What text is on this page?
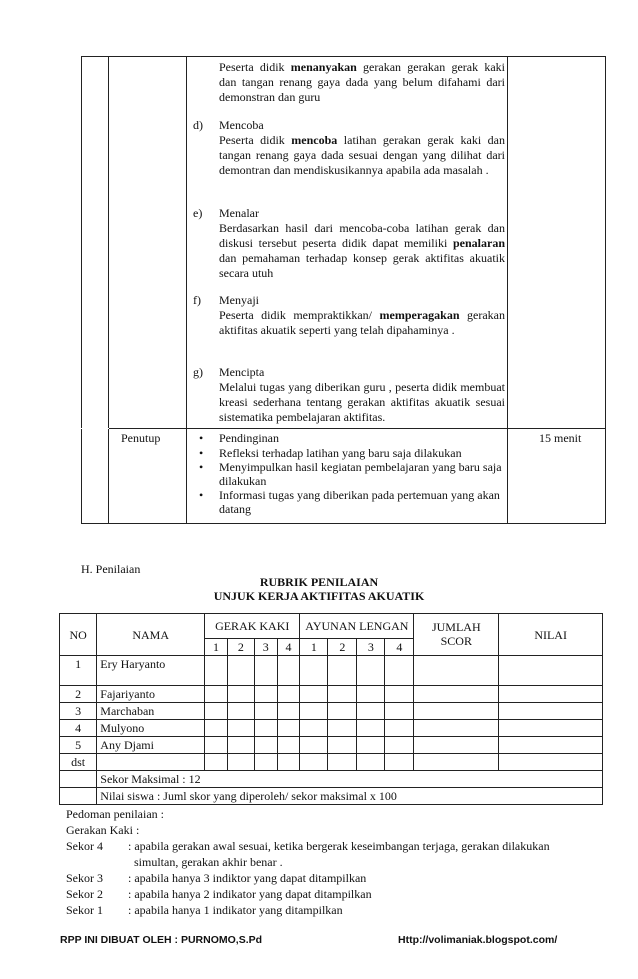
Peserta didik menanyakan gerakan gerakan gerak kaki dan tangan renang gaya dada yang belum difahami dari demonstran dan guru
d) Mencoba

Peserta didik mencoba latihan gerakan gerak kaki dan tangan renang gaya dada sesuai dengan yang dilihat dari demontran dan mendiskusikannya apabila ada masalah .

e) Menalar

Berdasarkan hasil dari mencoba-coba latihan gerak dan diskusi tersebut peserta didik dapat memiliki penalaran dan pemahaman terhadap konsep gerak aktifitas akuatik secara utuh

f) Menyaji

Peserta didik mempraktikkan/ memperagakan gerakan aktifitas akuatik seperti yang telah dipahaminya .

g) Mencipta

Melalui tugas yang diberikan guru , peserta didik membuat kreasi sederhana tentang gerakan aktifitas akuatik sesuai sistematika pembelajaran aktifitas.

Penutup	• Pendinginan
• Refleksi terhadap latihan yang baru saja dilakukan
• Menyimpulkan hasil kegiatan pembelajaran yang baru saja dilakukan
• Informasi tugas yang diberikan pada pertemuan yang akan datang
15 menit
H. Penilaian
RUBRIK PENILAIAN
UNJUK KERJA AKTIFITAS AKUATIK
NO	NAMA	GERAK KAKI				AYUNAN LENGAN				JUMLAH SCOR	NILAI
		1	2	3	4	1	2	3	4		
1	Ery Haryanto										
2	Fajariyanto										
3	Marchaban										
4	Mulyono										
5	Any Djami										
dst											
	Sekor Maksimal : 12										
	Nilai siswa : Juml skor yang diperoleh/ sekor maksimal x 100										
Pedoman penilaian :
Gerakan Kaki :
Sekor 4 : apabila gerakan awal sesuai, ketika bergerak keseimbangan terjaga, gerakan dilakukan
simultan, gerakan akhir benar .
Sekor 3 : apabila hanya 3 indiktor yang dapat ditampilkan
Sekor 2 : apabila hanya 2 indikator yang dapat ditampilkan
Sekor 1 : apabila hanya 1 indikator yang ditampilkan
RPP INI DIBUAT OLEH : PURNOMO,S.Pd	Http://volimaniak.blogspot.com/
